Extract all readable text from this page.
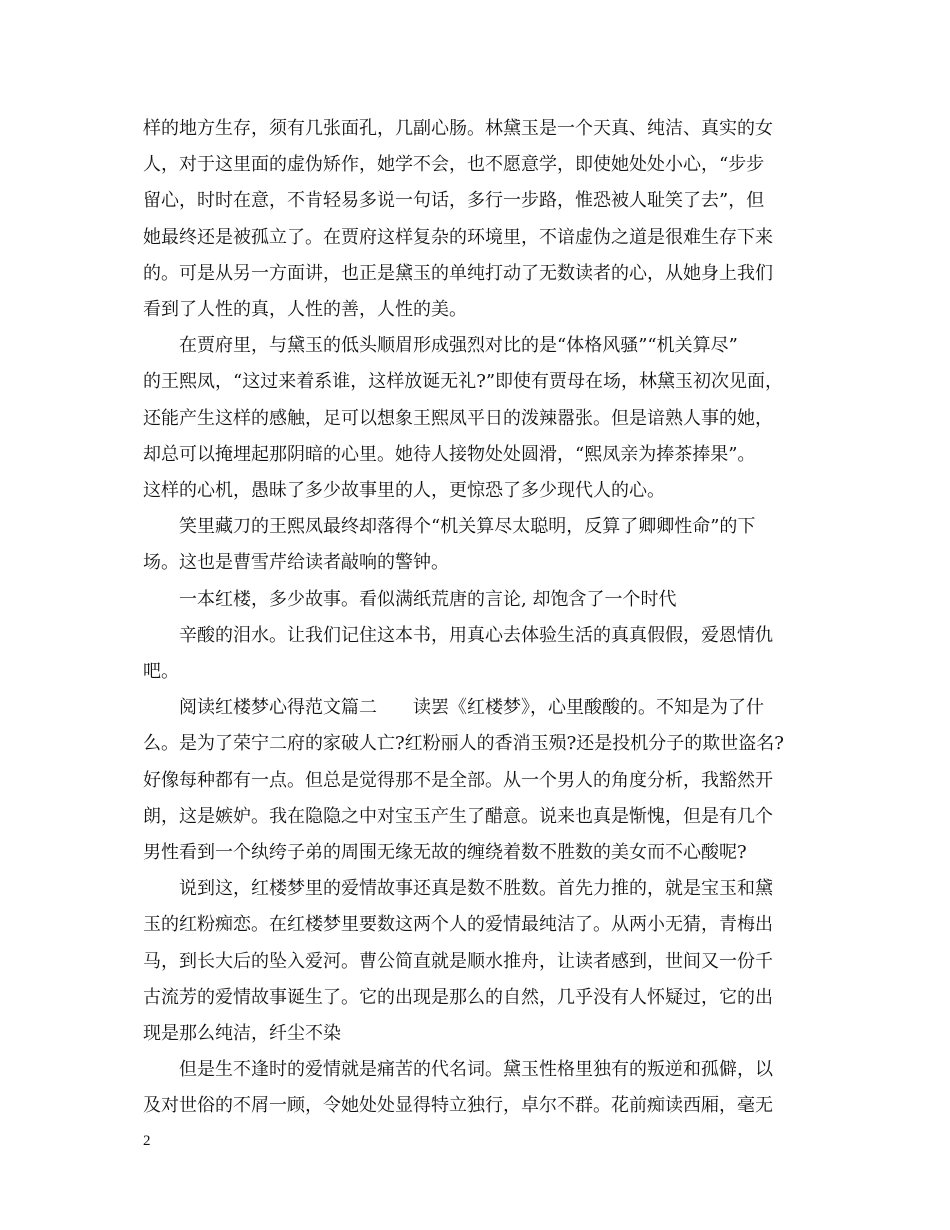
样的地方生存，须有几张面孔，几副心肠。林黛玉是一个天真、纯洁、真实的女
人，对于这里面的虚伪矫作，她学不会，也不愿意学，即使她处处小心，“步步
留心，时时在意，不肯轻易多说一句话，多行一步路，惟恐被人耻笑了去”，但
她最终还是被孤立了。在贾府这样复杂的环境里，不谙虚伪之道是很难生存下来
的。可是从另一方面讲，也正是黛玉的单纯打动了无数读者的心，从她身上我们
看到了人性的真，人性的善，人性的美。
　　在贾府里，与黛玉的低头顺眉形成强烈对比的是“体格风骚”“机关算尽”
的王熙凤，“这过来着系谁，这样放诞无礼?”即使有贾母在场，林黛玉初次见面，
还能产生这样的感触，足可以想象王熙凤平日的泼辣嚣张。但是谙熟人事的她，
却总可以掩埋起那阴暗的心里。她待人接物处处圆滑，“熙凤亲为捧茶捧果”。
这样的心机，愚昧了多少故事里的人，更惊恐了多少现代人的心。
　　笑里藏刀的王熙凤最终却落得个“机关算尽太聪明，反算了卿卿性命”的下
场。这也是曹雪芹给读者敲响的警钟。
　　一本红楼，多少故事。看似满纸荒唐的言论, 却饱含了一个时代
　　辛酸的泪水。让我们记住这本书，用真心去体验生活的真真假假，爱恩情仇
吧。
　　阅读红楼梦心得范文篇二　　读罢《红楼梦》，心里酸酸的。不知是为了什
么。是为了荣宁二府的家破人亡?红粉丽人的香消玉殒?还是投机分子的欺世盗名?
好像每种都有一点。但总是觉得那不是全部。从一个男人的角度分析，我豁然开
朗，这是嫉妒。我在隐隐之中对宝玉产生了醋意。说来也真是惭愧，但是有几个
男性看到一个纨绔子弟的周围无缘无故的缠绕着数不胜数的美女而不心酸呢?
　　说到这，红楼梦里的爱情故事还真是数不胜数。首先力推的，就是宝玉和黛
玉的红粉痴恋。在红楼梦里要数这两个人的爱情最纯洁了。从两小无猜，青梅出
马，到长大后的坠入爱河。曹公简直就是顺水推舟，让读者感到，世间又一份千
古流芳的爱情故事诞生了。它的出现是那么的自然，几乎没有人怀疑过，它的出
现是那么纯洁，纤尘不染
　　但是生不逢时的爱情就是痛苦的代名词。黛玉性格里独有的叛逆和孤僻，以
及对世俗的不屑一顾，令她处处显得特立独行，卓尔不群。花前痴读西厢，毫无
2
